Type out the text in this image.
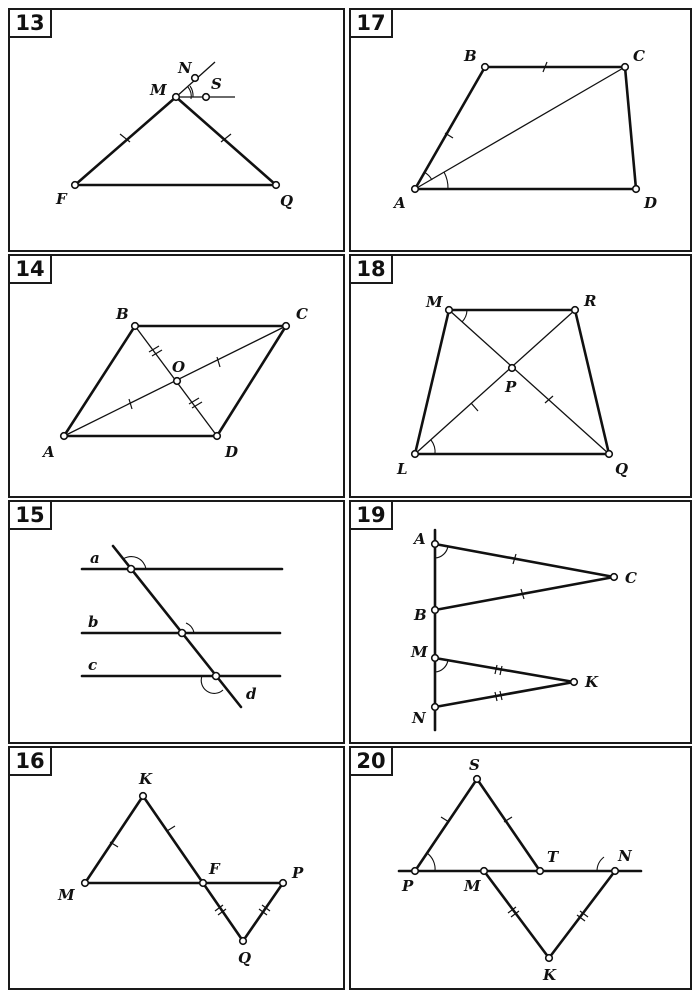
13
N
S
M
F	Q
17
B	C
A	D
14
B	C
O
A	D
18
M	R
P
L	Q
15
a
b
c
d
19
A
C
B
M
K
N
16
K
F	P
M
Q
20	S
T	N
P	M
K
